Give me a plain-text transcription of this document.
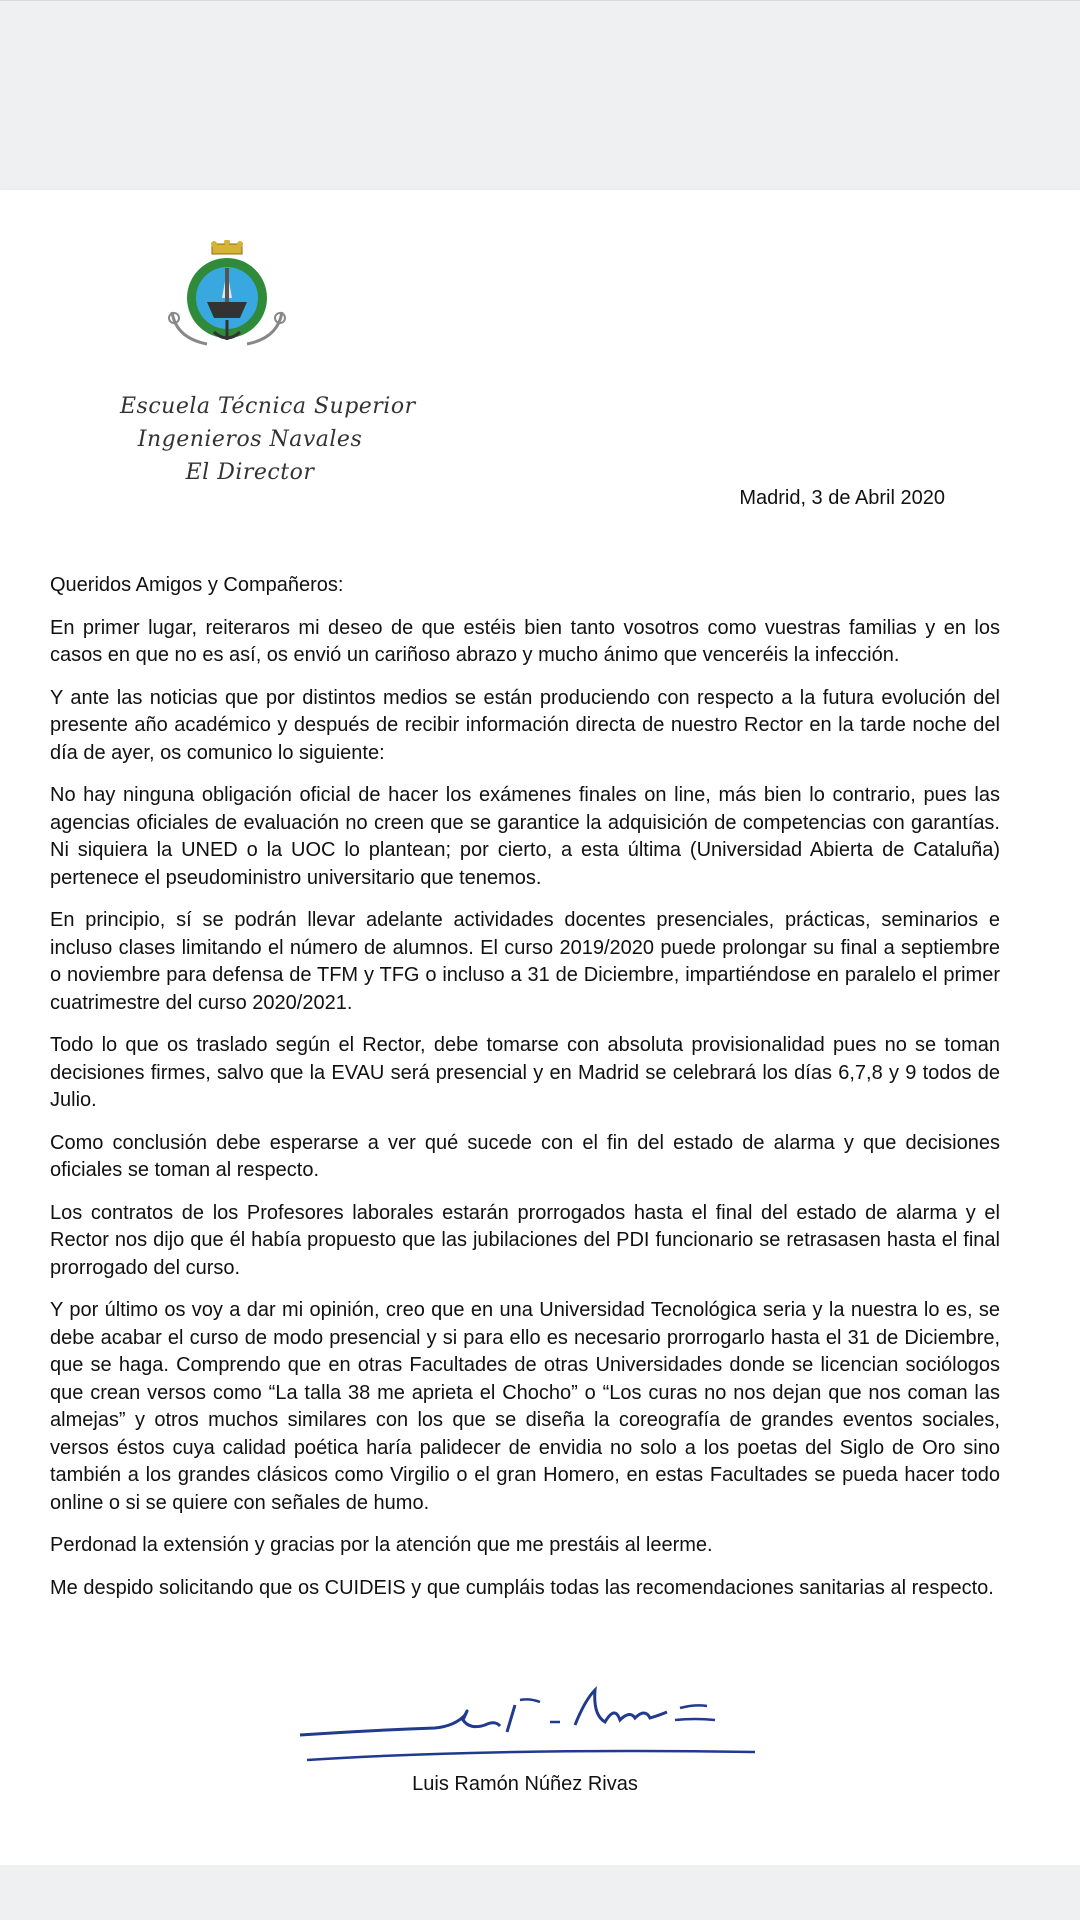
Escuela Técnica Superior
Ingenieros Navales
El Director
Madrid, 3 de Abril 2020

Queridos Amigos y Compañeros:

En primer lugar, reiteraros mi deseo de que estéis bien tanto vosotros como vuestras familias y en los casos en que no es así, os envió un cariñoso abrazo y mucho ánimo que venceréis la infección.

Y ante las noticias que por distintos medios se están produciendo con respecto a la futura evolución del presente año académico y después de recibir información directa de nuestro Rector en la tarde noche del día de ayer, os comunico lo siguiente:

No hay ninguna obligación oficial de hacer los exámenes finales on line, más bien lo contrario, pues las agencias oficiales de evaluación no creen que se garantice la adquisición de competencias con garantías. Ni siquiera la UNED o la UOC lo plantean; por cierto, a esta última (Universidad Abierta de Cataluña) pertenece el pseudoministro universitario que tenemos.

En principio, sí se podrán llevar adelante actividades docentes presenciales, prácticas, seminarios e incluso clases limitando el número de alumnos. El curso 2019/2020 puede prolongar su final a septiembre o noviembre para defensa de TFM y TFG o incluso a 31 de Diciembre, impartiéndose en paralelo el primer cuatrimestre del curso 2020/2021.

Todo lo que os traslado según el Rector, debe tomarse con absoluta provisionalidad pues no se toman decisiones firmes, salvo que la EVAU será presencial y en Madrid se celebrará los días 6,7,8 y 9 todos de Julio.

Como conclusión debe esperarse a ver qué sucede con el fin del estado de alarma y que decisiones oficiales se toman al respecto.

Los contratos de los Profesores laborales estarán prorrogados hasta el final del estado de alarma y el Rector nos dijo que él había propuesto que las jubilaciones del PDI funcionario se retrasasen hasta el final prorrogado del curso.

Y por último os voy a dar mi opinión, creo que en una Universidad Tecnológica seria y la nuestra lo es, se debe acabar el curso de modo presencial y si para ello es necesario prorrogarlo hasta el 31 de Diciembre, que se haga. Comprendo que en otras Facultades de otras Universidades donde se licencian sociólogos que crean versos como “La talla 38 me aprieta el Chocho” o “Los curas no nos dejan que nos coman las almejas” y otros muchos similares con los que se diseña la coreografía de grandes eventos sociales, versos éstos cuya calidad poética haría palidecer de envidia no solo a los poetas del Siglo de Oro sino también a los grandes clásicos como Virgilio o el gran Homero, en estas Facultades se pueda hacer todo online o si se quiere con señales de humo.

Perdonad la extensión y gracias por la atención que me prestáis al leerme.

Me despido solicitando que os CUIDEIS y que cumpláis todas las recomendaciones sanitarias al respecto.

Luis Ramón Núñez Rivas
